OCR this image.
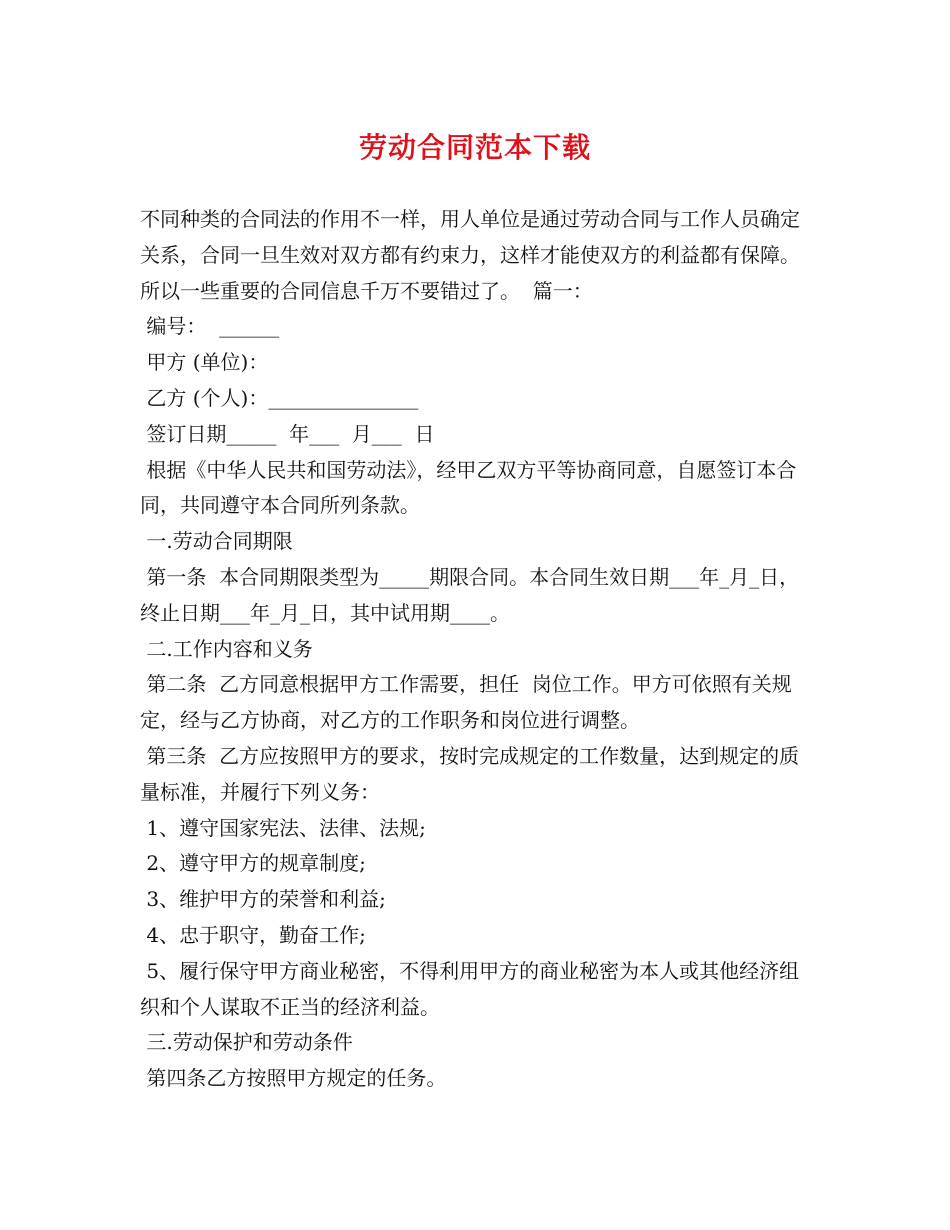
劳动合同范本下载

不同种类的合同法的作用不一样，用人单位是通过劳动合同与工作人员确定关系，合同一旦生效对双方都有约束力，这样才能使双方的利益都有保障。所以一些重要的合同信息千万不要错过了。  篇一：

编号：  ______

甲方 (单位)：

乙方 (个人)：_______________

签订日期_____  年___  月___  日

根据《中华人民共和国劳动法》，经甲乙双方平等协商同意，自愿签订本合同，共同遵守本合同所列条款。

一.劳动合同期限

第一条  本合同期限类型为_____期限合同。本合同生效日期___年_月_日，终止日期___年_月_日，其中试用期____。

二.工作内容和义务

第二条  乙方同意根据甲方工作需要，担任  岗位工作。甲方可依照有关规定，经与乙方协商，对乙方的工作职务和岗位进行调整。

第三条  乙方应按照甲方的要求，按时完成规定的工作数量，达到规定的质量标准，并履行下列义务：

1、遵守国家宪法、法律、法规;

2、遵守甲方的规章制度;

3、维护甲方的荣誉和利益;

4、忠于职守，勤奋工作;

5、履行保守甲方商业秘密，不得利用甲方的商业秘密为本人或其他经济组织和个人谋取不正当的经济利益。

三.劳动保护和劳动条件

第四条乙方按照甲方规定的任务。
